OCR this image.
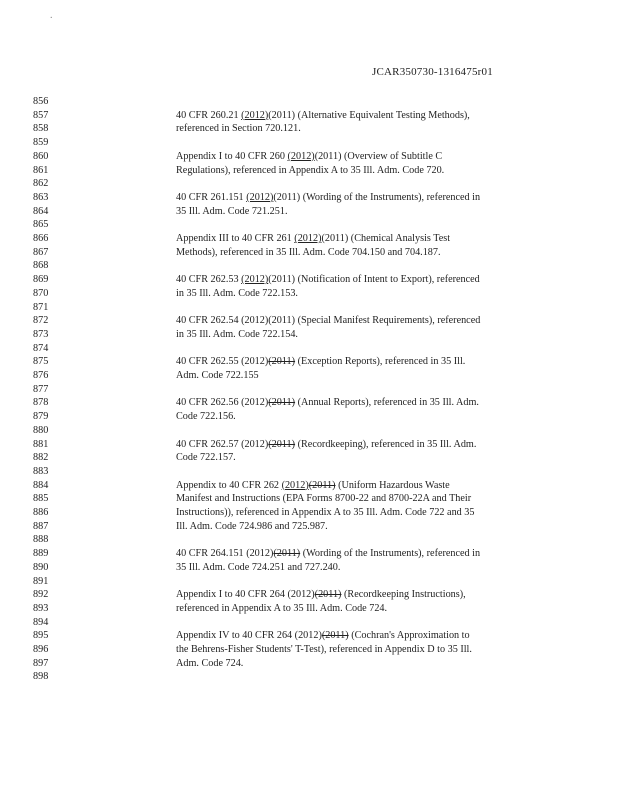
.
JCAR350730-1316475r01
856
857	40 CFR 260.21 (2012)(2011) (Alternative Equivalent Testing Methods),
858	referenced in Section 720.121.
859
860	Appendix I to 40 CFR 260 (2012)(2011) (Overview of Subtitle C
861	Regulations), referenced in Appendix A to 35 Ill. Adm. Code 720.
862
863	40 CFR 261.151 (2012)(2011) (Wording of the Instruments), referenced in
864	35 Ill. Adm. Code 721.251.
865
866	Appendix III to 40 CFR 261 (2012)(2011) (Chemical Analysis Test
867	Methods), referenced in 35 Ill. Adm. Code 704.150 and 704.187.
868
869	40 CFR 262.53 (2012)(2011) (Notification of Intent to Export), referenced
870	in 35 Ill. Adm. Code 722.153.
871
872	40 CFR 262.54 (2012)(2011) (Special Manifest Requirements), referenced
873	in 35 Ill. Adm. Code 722.154.
874
875	40 CFR 262.55 (2012)(2011) (Exception Reports), referenced in 35 Ill.
876	Adm. Code 722.155
877
878	40 CFR 262.56 (2012)(2011) (Annual Reports), referenced in 35 Ill. Adm.
879	Code 722.156.
880
881	40 CFR 262.57 (2012)(2011) (Recordkeeping), referenced in 35 Ill. Adm.
882	Code 722.157.
883
884	Appendix to 40 CFR 262 (2012)(2011) (Uniform Hazardous Waste
885	Manifest and Instructions (EPA Forms 8700-22 and 8700-22A and Their
886	Instructions)), referenced in Appendix A to 35 Ill. Adm. Code 722 and 35
887	Ill. Adm. Code 724.986 and 725.987.
888
889	40 CFR 264.151 (2012)(2011) (Wording of the Instruments), referenced in
890	35 Ill. Adm. Code 724.251 and 727.240.
891
892	Appendix I to 40 CFR 264 (2012)(2011) (Recordkeeping Instructions),
893	referenced in Appendix A to 35 Ill. Adm. Code 724.
894
895	Appendix IV to 40 CFR 264 (2012)(2011) (Cochran's Approximation to
896	the Behrens-Fisher Students' T-Test), referenced in Appendix D to 35 Ill.
897	Adm. Code 724.
898
